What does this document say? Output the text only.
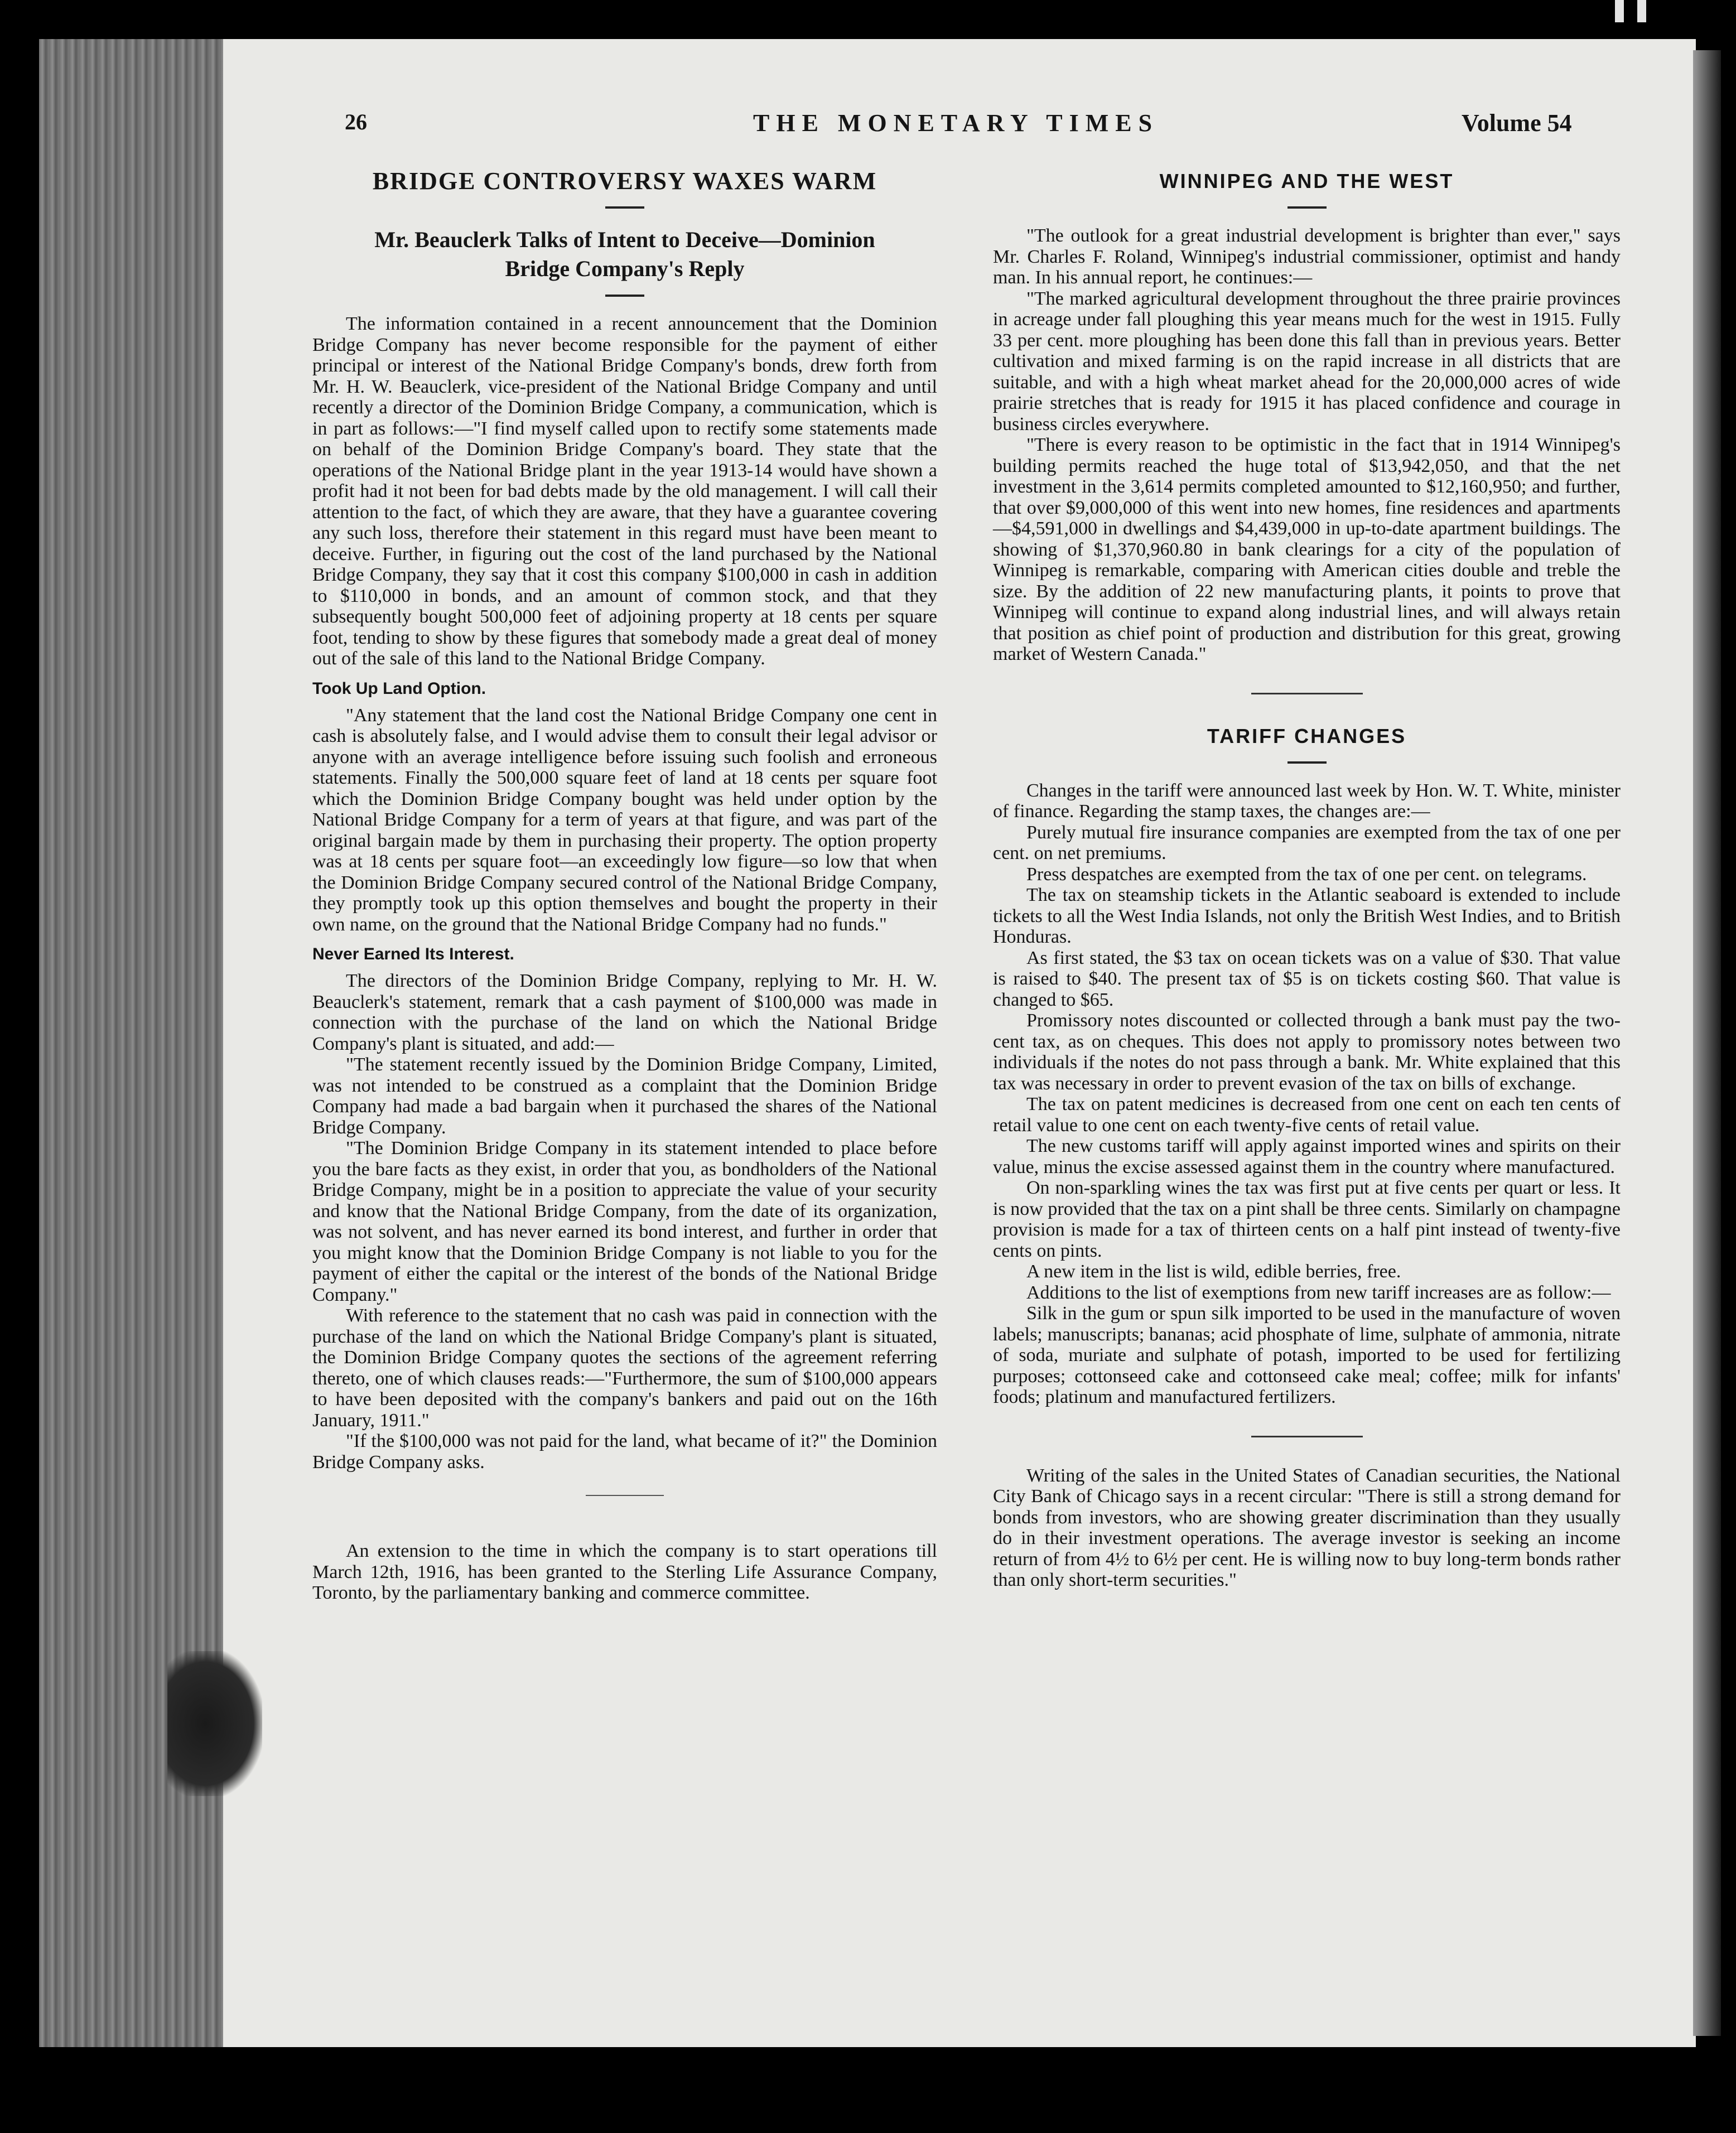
26	THE MONETARY TIMES	Volume 54
BRIDGE CONTROVERSY WAXES WARM
Mr. Beauclerk Talks of Intent to Deceive—Dominion Bridge Company's Reply

The information contained in a recent announcement that the Dominion Bridge Company has never become responsible for the payment of either principal or interest of the National Bridge Company's bonds, drew forth from Mr. H. W. Beauclerk, vice-president of the National Bridge Company and until recently a director of the Dominion Bridge Company, a communication, which is in part as follows:—"I find myself called upon to rectify some statements made on behalf of the Dominion Bridge Company's board. They state that the operations of the National Bridge plant in the year 1913-14 would have shown a profit had it not been for bad debts made by the old management. I will call their attention to the fact, of which they are aware, that they have a guarantee covering any such loss, therefore their statement in this regard must have been meant to deceive. Further, in figuring out the cost of the land purchased by the National Bridge Company, they say that it cost this company $100,000 in cash in addition to $110,000 in bonds, and an amount of common stock, and that they subsequently bought 500,000 feet of adjoining property at 18 cents per square foot, tending to show by these figures that somebody made a great deal of money out of the sale of this land to the National Bridge Company.

Took Up Land Option.

"Any statement that the land cost the National Bridge Company one cent in cash is absolutely false, and I would advise them to consult their legal advisor or anyone with an average intelligence before issuing such foolish and erroneous statements. Finally the 500,000 square feet of land at 18 cents per square foot which the Dominion Bridge Company bought was held under option by the National Bridge Company for a term of years at that figure, and was part of the original bargain made by them in purchasing their property. The option property was at 18 cents per square foot—an exceedingly low figure—so low that when the Dominion Bridge Company secured control of the National Bridge Company, they promptly took up this option themselves and bought the property in their own name, on the ground that the National Bridge Company had no funds."

Never Earned Its Interest.

The directors of the Dominion Bridge Company, replying to Mr. H. W. Beauclerk's statement, remark that a cash payment of $100,000 was made in connection with the purchase of the land on which the National Bridge Company's plant is situated, and add:—

"The statement recently issued by the Dominion Bridge Company, Limited, was not intended to be construed as a complaint that the Dominion Bridge Company had made a bad bargain when it purchased the shares of the National Bridge Company.

"The Dominion Bridge Company in its statement intended to place before you the bare facts as they exist, in order that you, as bondholders of the National Bridge Company, might be in a position to appreciate the value of your security and know that the National Bridge Company, from the date of its organization, was not solvent, and has never earned its bond interest, and further in order that you might know that the Dominion Bridge Company is not liable to you for the payment of either the capital or the interest of the bonds of the National Bridge Company."

With reference to the statement that no cash was paid in connection with the purchase of the land on which the National Bridge Company's plant is situated, the Dominion Bridge Company quotes the sections of the agreement referring thereto, one of which clauses reads:—"Furthermore, the sum of $100,000 appears to have been deposited with the company's bankers and paid out on the 16th January, 1911."

"If the $100,000 was not paid for the land, what became of it?" the Dominion Bridge Company asks.

An extension to the time in which the company is to start operations till March 12th, 1916, has been granted to the Sterling Life Assurance Company, Toronto, by the parliamentary banking and commerce committee.

WINNIPEG AND THE WEST

"The outlook for a great industrial development is brighter than ever," says Mr. Charles F. Roland, Winnipeg's industrial commissioner, optimist and handy man. In his annual report, he continues:—

"The marked agricultural development throughout the three prairie provinces in acreage under fall ploughing this year means much for the west in 1915. Fully 33 per cent. more ploughing has been done this fall than in previous years. Better cultivation and mixed farming is on the rapid increase in all districts that are suitable, and with a high wheat market ahead for the 20,000,000 acres of wide prairie stretches that is ready for 1915 it has placed confidence and courage in business circles everywhere.

"There is every reason to be optimistic in the fact that in 1914 Winnipeg's building permits reached the huge total of $13,942,050, and that the net investment in the 3,614 permits completed amounted to $12,160,950; and further, that over $9,000,000 of this went into new homes, fine residences and apartments—$4,591,000 in dwellings and $4,439,000 in up-to-date apartment buildings. The showing of $1,370,960.80 in bank clearings for a city of the population of Winnipeg is remarkable, comparing with American cities double and treble the size. By the addition of 22 new manufacturing plants, it points to prove that Winnipeg will continue to expand along industrial lines, and will always retain that position as chief point of production and distribution for this great, growing market of Western Canada."

TARIFF CHANGES

Changes in the tariff were announced last week by Hon. W. T. White, minister of finance. Regarding the stamp taxes, the changes are:—

Purely mutual fire insurance companies are exempted from the tax of one per cent. on net premiums.

Press despatches are exempted from the tax of one per cent. on telegrams.

The tax on steamship tickets in the Atlantic seaboard is extended to include tickets to all the West India Islands, not only the British West Indies, and to British Honduras.

As first stated, the $3 tax on ocean tickets was on a value of $30. That value is raised to $40. The present tax of $5 is on tickets costing $60. That value is changed to $65.

Promissory notes discounted or collected through a bank must pay the two-cent tax, as on cheques. This does not apply to promissory notes between two individuals if the notes do not pass through a bank. Mr. White explained that this tax was necessary in order to prevent evasion of the tax on bills of exchange.

The tax on patent medicines is decreased from one cent on each ten cents of retail value to one cent on each twenty-five cents of retail value.

The new customs tariff will apply against imported wines and spirits on their value, minus the excise assessed against them in the country where manufactured.

On non-sparkling wines the tax was first put at five cents per quart or less. It is now provided that the tax on a pint shall be three cents. Similarly on champagne provision is made for a tax of thirteen cents on a half pint instead of twenty-five cents on pints.

A new item in the list is wild, edible berries, free.

Additions to the list of exemptions from new tariff increases are as follow:—

Silk in the gum or spun silk imported to be used in the manufacture of woven labels; manuscripts; bananas; acid phosphate of lime, sulphate of ammonia, nitrate of soda, muriate and sulphate of potash, imported to be used for fertilizing purposes; cottonseed cake and cottonseed cake meal; coffee; milk for infants' foods; platinum and manufactured fertilizers.

Writing of the sales in the United States of Canadian securities, the National City Bank of Chicago says in a recent circular: "There is still a strong demand for bonds from investors, who are showing greater discrimination than they usually do in their investment operations. The average investor is seeking an income return of from 4½ to 6½ per cent. He is willing now to buy long-term bonds rather than only short-term securities."
